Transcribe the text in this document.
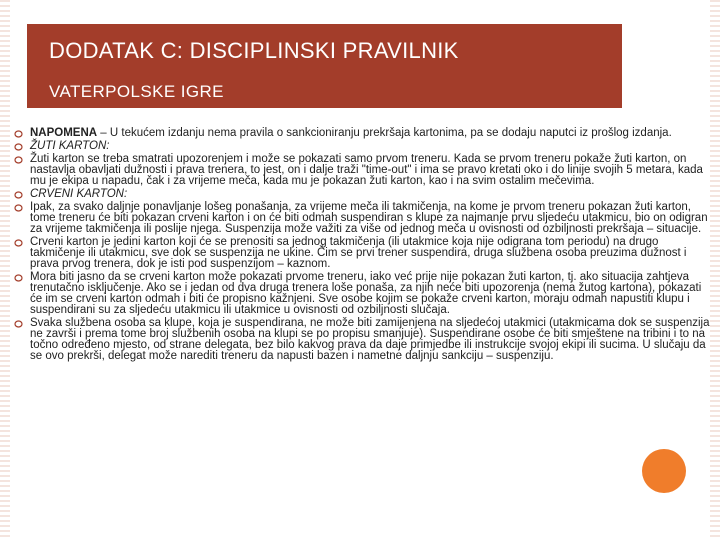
DODATAK C: DISCIPLINSKI PRAVILNIK
VATERPOLSKE IGRE
NAPOMENA – U tekućem izdanju nema pravila o sankcioniranju prekršaja kartonima, pa se dodaju naputci iz prošlog izdanja.
ŽUTI KARTON:
Žuti karton se treba smatrati upozorenjem i može se pokazati samo prvom treneru. Kada se prvom treneru pokaže žuti karton, on nastavlja obavljati dužnosti i prava trenera, to jest, on i dalje traži "time-out" i ima se pravo kretati oko i do linije svojih 5 metara, kada mu je ekipa u napadu, čak i za vrijeme meča, kada mu je pokazan žuti karton, kao i na svim ostalim mečevima.
CRVENI KARTON:
Ipak, za svako daljnje ponavljanje lošeg ponašanja, za vrijeme meča ili takmičenja, na kome je prvom treneru pokazan žuti karton, tome treneru će biti pokazan crveni karton i on će biti odmah suspendiran s klupe za najmanje prvu sljedeću utakmicu, bio on odigran za vrijeme takmičenja ili poslije njega. Suspenzija može važiti za više od jednog meča u ovisnosti od ozbiljnosti prekršaja – situacije.
Crveni karton je jedini karton koji će se prenositi sa jednog takmičenja (ili utakmice koja nije odigrana tom periodu) na drugo takmičenje ili utakmicu, sve dok se suspenzija ne ukine. Čim se prvi trener suspendira, druga službena osoba preuzima dužnost i prava prvog trenera, dok je isti pod suspenzijom – kaznom.
Mora biti jasno da se crveni karton može pokazati prvome treneru, iako već prije nije pokazan žuti karton, tj. ako situacija zahtjeva trenutačno isključenje. Ako se i jedan od dva druga trenera loše ponaša, za njih neće biti upozorenja (nema žutog kartona), pokazati će im se crveni karton odmah i biti će propisno kažnjeni. Sve osobe kojim se pokaže crveni karton, moraju odmah napustiti klupu i suspendirani su za sljedeću utakmicu ili utakmice u ovisnosti od ozbiljnosti slučaja.
Svaka službena osoba sa klupe, koja je suspendirana, ne može biti zamijenjena na sljedećoj utakmici (utakmicama dok se suspenzija ne završi i prema tome broj službenih osoba na klupi se po propisu smanjuje). Suspendirane osobe će biti smještene na tribini i to na točno određeno mjesto, od strane delegata, bez bilo kakvog prava da daje primjedbe ili instrukcije svojoj ekipi ili sucima. U slučaju da se ovo prekrši, delegat može narediti treneru da napusti bazen i nametne daljnju sankciju – suspenziju.
